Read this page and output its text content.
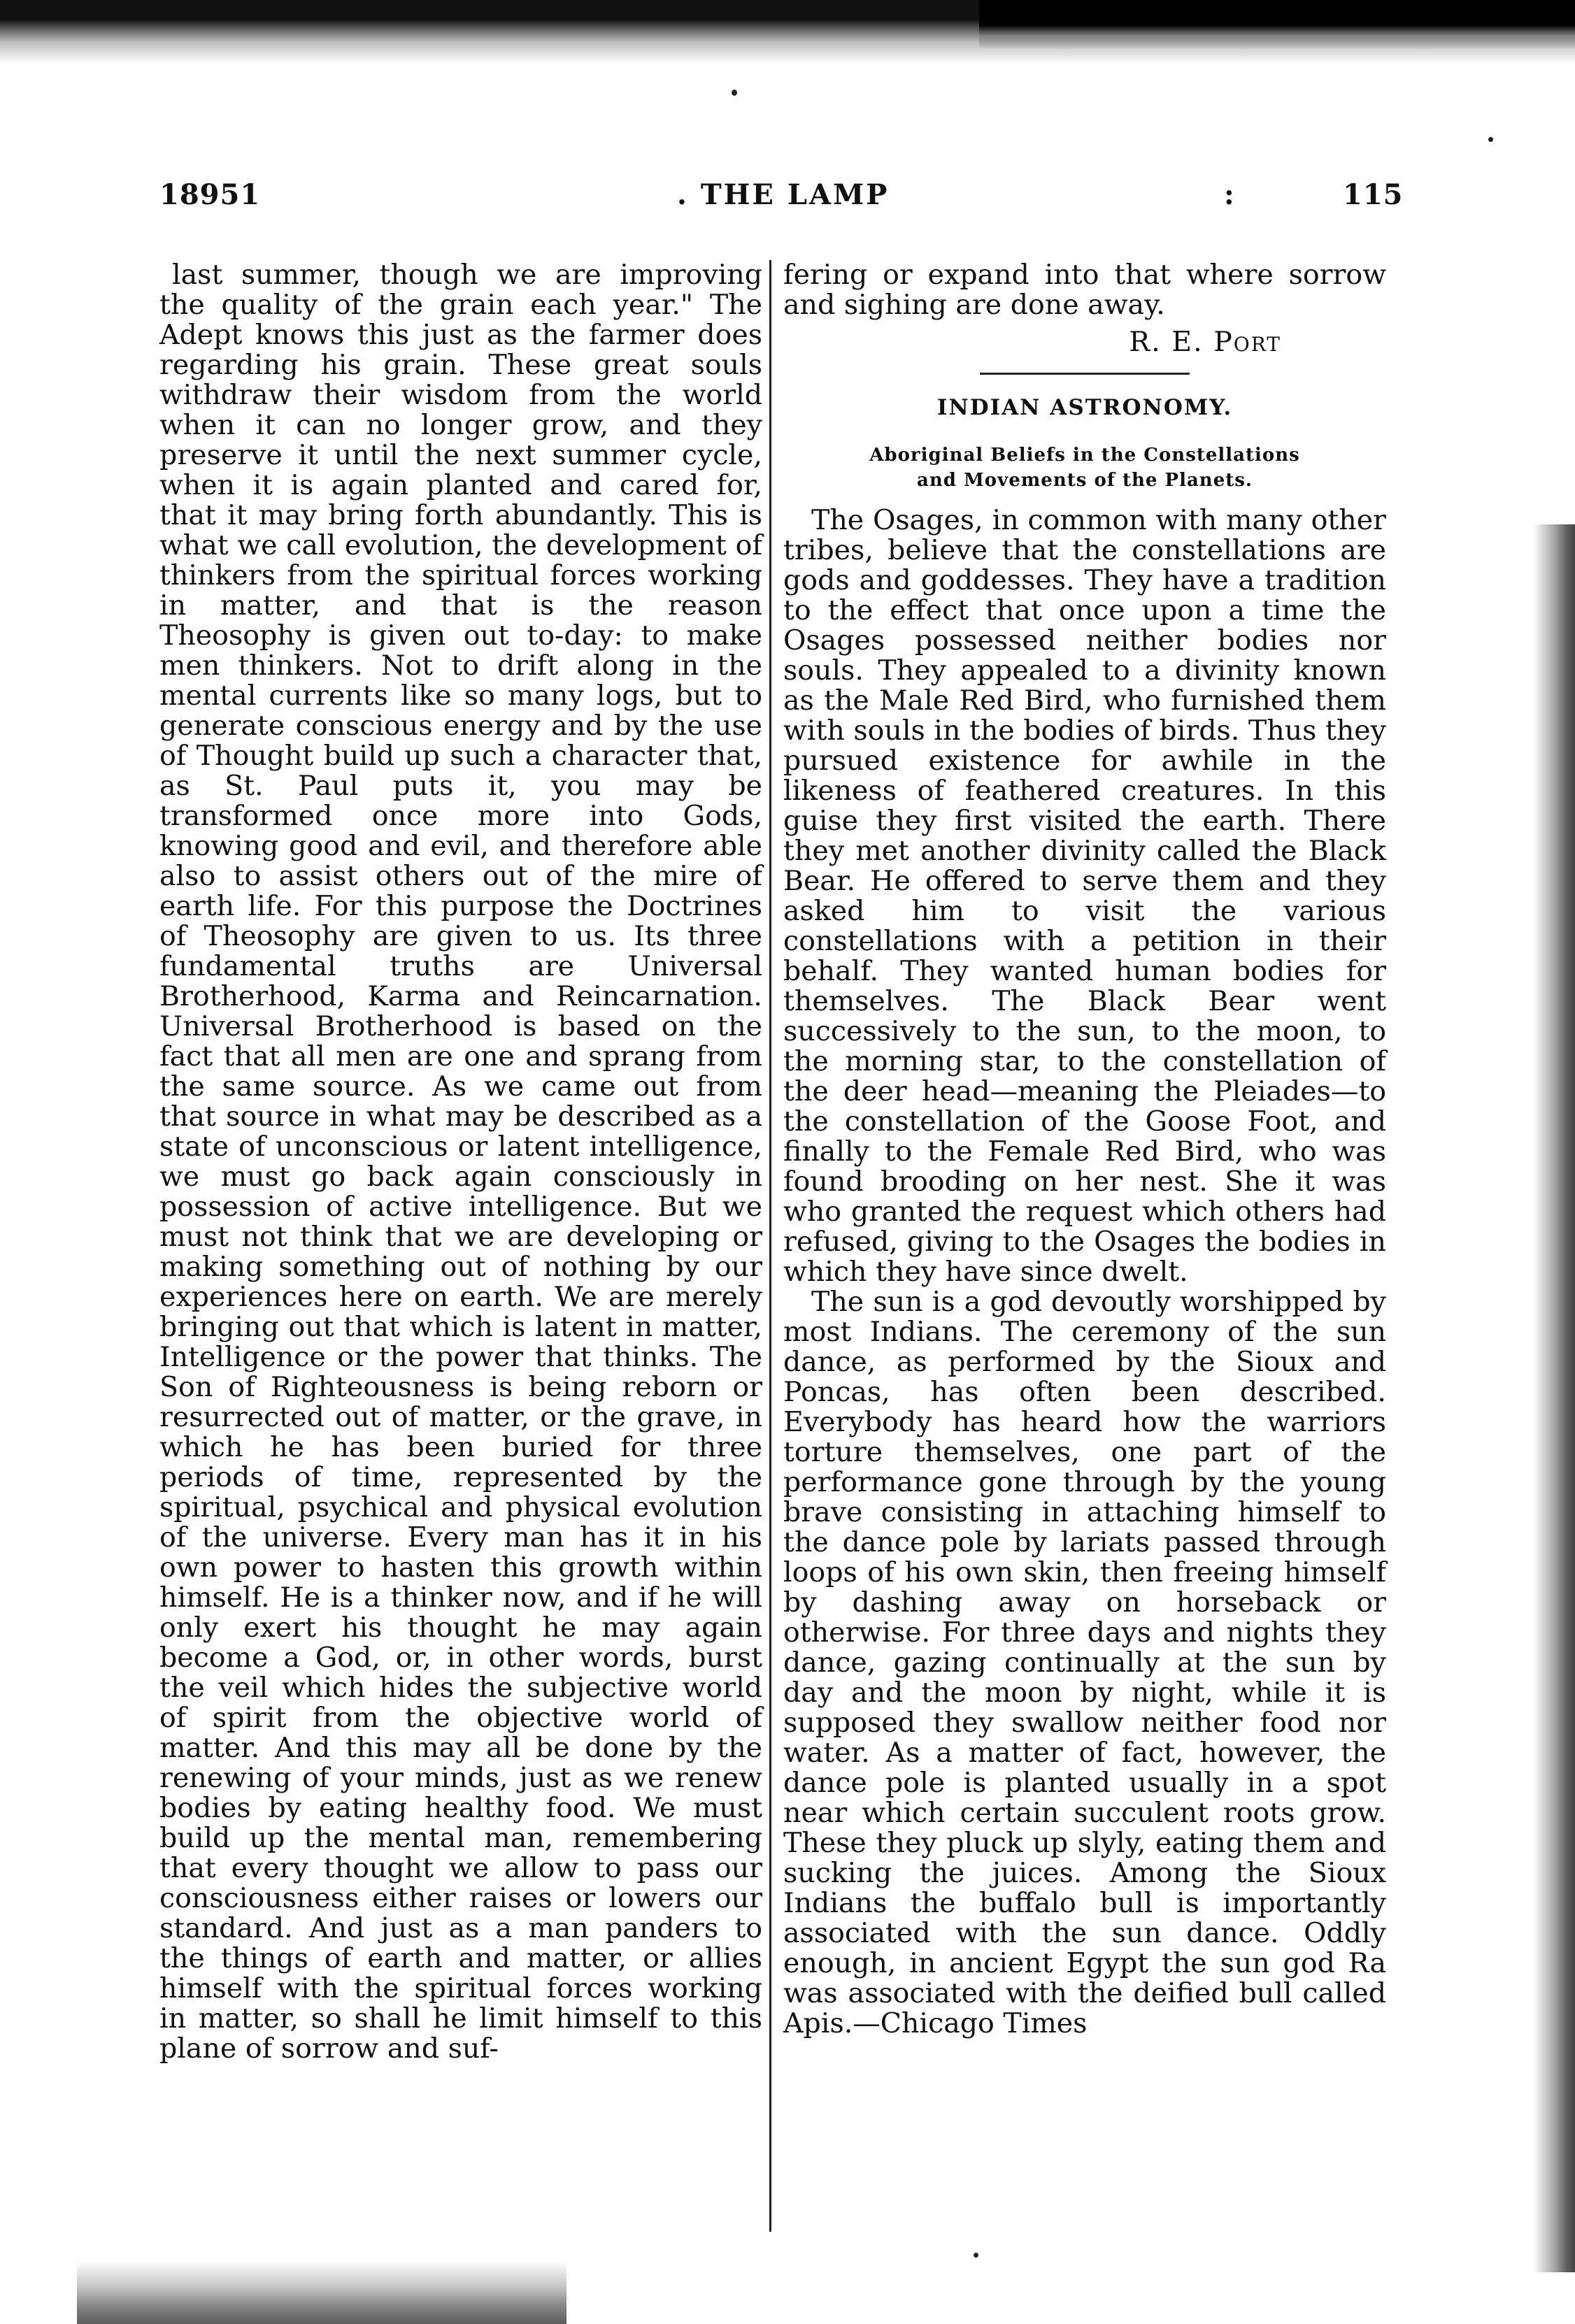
18951	. THE LAMP	:	115

last summer, though we are improving the quality of the grain each year." The Adept knows this just as the farmer does regarding his grain. These great souls withdraw their wisdom from the world when it can no longer grow, and they preserve it until the next summer cycle, when it is again planted and cared for, that it may bring forth abundantly. This is what we call evolution, the development of thinkers from the spiritual forces working in matter, and that is the reason Theosophy is given out to-day: to make men thinkers. Not to drift along in the mental currents like so many logs, but to generate conscious energy and by the use of Thought build up such a character that, as St. Paul puts it, you may be transformed once more into Gods, knowing good and evil, and therefore able also to assist others out of the mire of earth life. For this purpose the Doctrines of Theosophy are given to us. Its three fundamental truths are Universal Brotherhood, Karma and Reincarnation. Universal Brotherhood is based on the fact that all men are one and sprang from the same source. As we came out from that source in what may be described as a state of unconscious or latent intelligence, we must go back again consciously in possession of active intelligence. But we must not think that we are developing or making something out of nothing by our experiences here on earth. We are merely bringing out that which is latent in matter, Intelligence or the power that thinks. The Son of Righteousness is being reborn or resurrected out of matter, or the grave, in which he has been buried for three periods of time, represented by the spiritual, psychical and physical evolution of the universe. Every man has it in his own power to hasten this growth within himself. He is a thinker now, and if he will only exert his thought he may again become a God, or, in other words, burst the veil which hides the subjective world of spirit from the objective world of matter. And this may all be done by the renewing of your minds, just as we renew bodies by eating healthy food. We must build up the mental man, remembering that every thought we allow to pass our consciousness either raises or lowers our standard. And just as a man panders to the things of earth and matter, or allies himself with the spiritual forces working in matter, so shall he limit himself to this plane of sorrow and suf-

fering or expand into that where sorrow and sighing are done away.

R. E. Port

INDIAN ASTRONOMY.

Aboriginal Beliefs in the Constellations
and Movements of the Planets.

The Osages, in common with many other tribes, believe that the constellations are gods and goddesses. They have a tradition to the effect that once upon a time the Osages possessed neither bodies nor souls. They appealed to a divinity known as the Male Red Bird, who furnished them with souls in the bodies of birds. Thus they pursued existence for awhile in the likeness of feathered creatures. In this guise they first visited the earth. There they met another divinity called the Black Bear. He offered to serve them and they asked him to visit the various constellations with a petition in their behalf. They wanted human bodies for themselves. The Black Bear went successively to the sun, to the moon, to the morning star, to the constellation of the deer head—meaning the Pleiades—to the constellation of the Goose Foot, and finally to the Female Red Bird, who was found brooding on her nest. She it was who granted the request which others had refused, giving to the Osages the bodies in which they have since dwelt.

The sun is a god devoutly worshipped by most Indians. The ceremony of the sun dance, as performed by the Sioux and Poncas, has often been described. Everybody has heard how the warriors torture themselves, one part of the performance gone through by the young brave consisting in attaching himself to the dance pole by lariats passed through loops of his own skin, then freeing himself by dashing away on horseback or otherwise. For three days and nights they dance, gazing continually at the sun by day and the moon by night, while it is supposed they swallow neither food nor water. As a matter of fact, however, the dance pole is planted usually in a spot near which certain succulent roots grow. These they pluck up slyly, eating them and sucking the juices. Among the Sioux Indians the buffalo bull is importantly associated with the sun dance. Oddly enough, in ancient Egypt the sun god Ra was associated with the deified bull called Apis.—Chicago Times
